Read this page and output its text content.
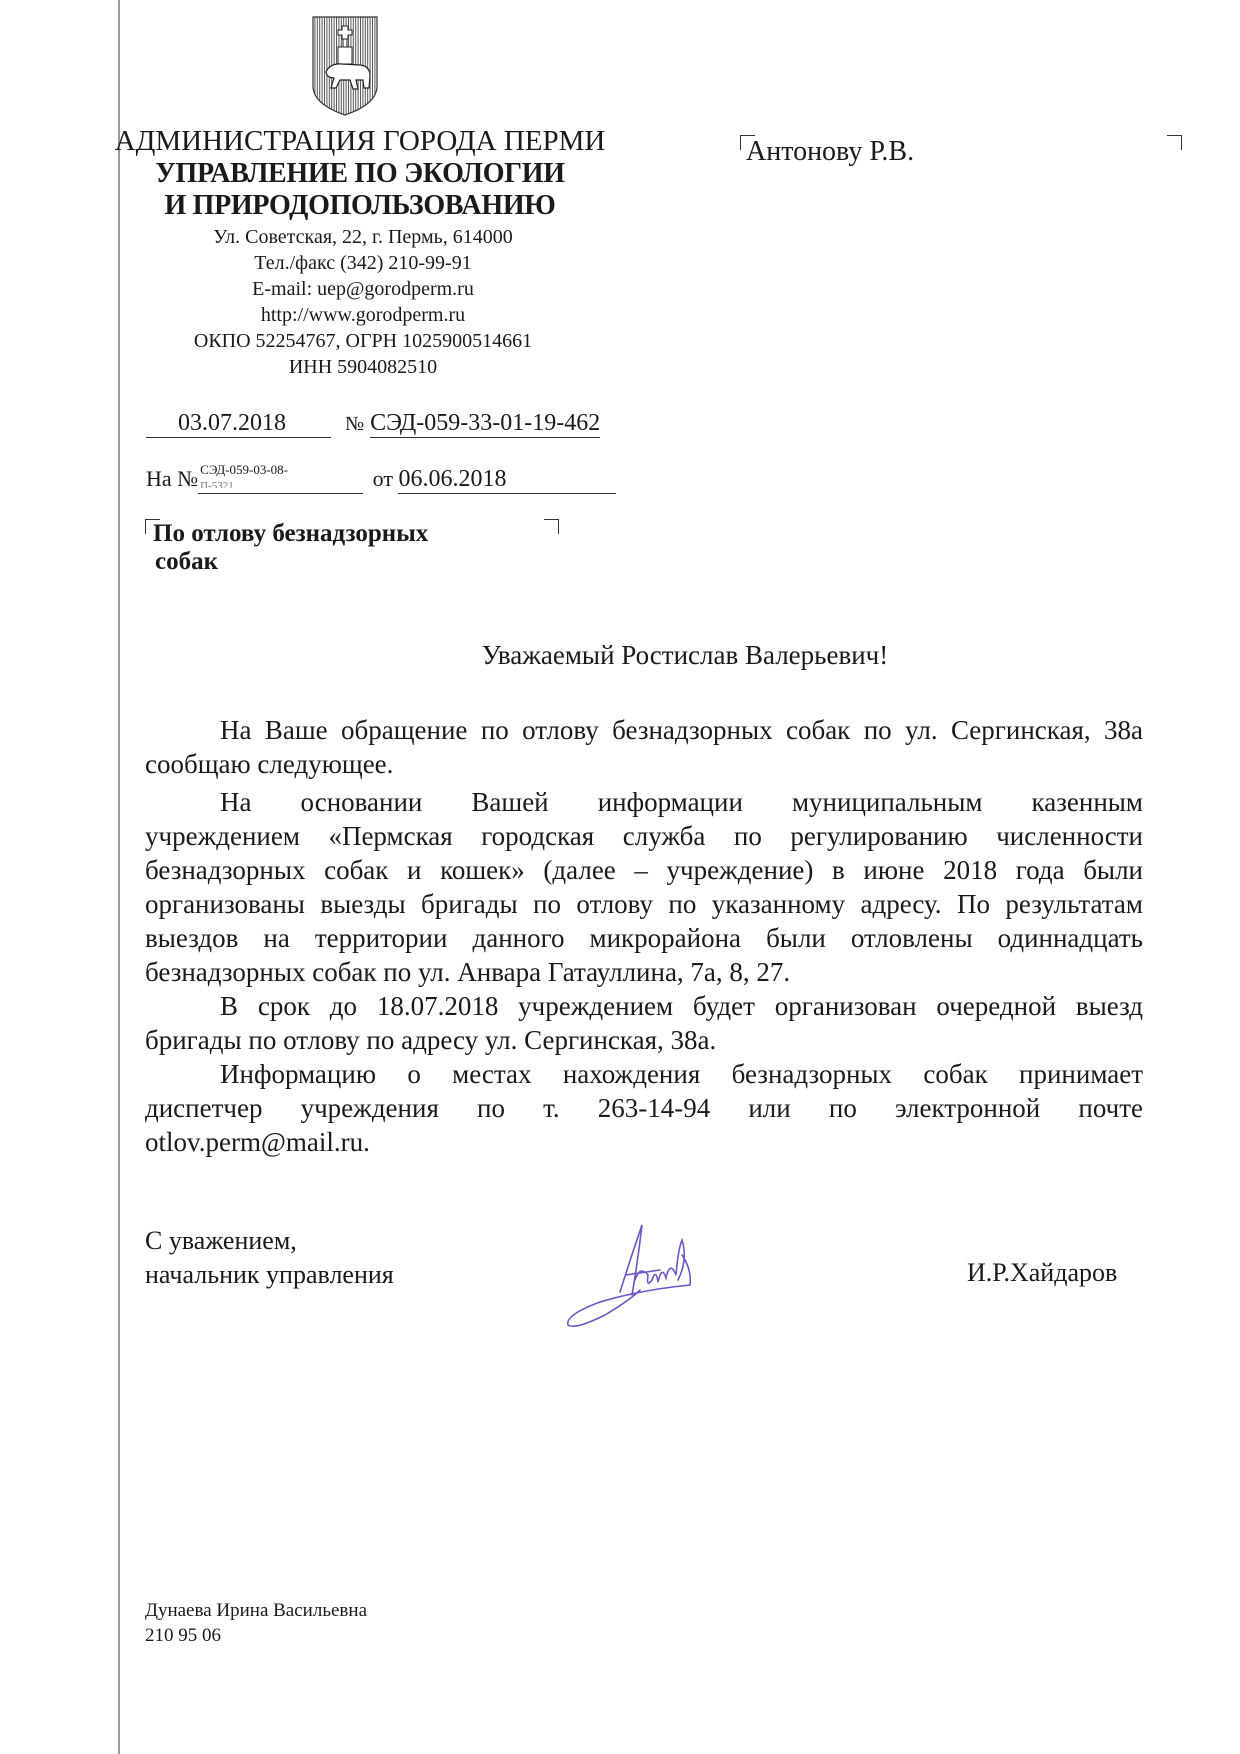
АДМИНИСТРАЦИЯ ГОРОДА ПЕРМИ
УПРАВЛЕНИЕ ПО ЭКОЛОГИИ
И ПРИРОДОПОЛЬЗОВАНИЮ
Ул. Советская, 22, г. Пермь, 614000
Тел./факс (342) 210-99-91
E-mail: uep@gorodperm.ru
http://www.gorodperm.ru
ОКПО 52254767, ОГРН 1025900514661
ИНН 5904082510
03.07.2018	№ СЭД-059-33-01-19-462
На № СЭД-059-03-08-
П-5321	от 06.06.2018
По отлову безнадзорных
собак
Антонову Р.В.
Уважаемый Ростислав Валерьевич!
На Ваше обращение по отлову безнадзорных собак по ул. Сергинская, 38а
сообщаю следующее.
На основании Вашей информации муниципальным казенным
учреждением «Пермская городская служба по регулированию численности
безнадзорных собак и кошек» (далее – учреждение) в июне 2018 года были
организованы выезды бригады по отлову по указанному адресу. По результатам
выездов на территории данного микрорайона были отловлены одиннадцать
безнадзорных собак по ул. Анвара Гатауллина, 7а, 8, 27.
В срок до 18.07.2018 учреждением будет организован очередной выезд
бригады по отлову по адресу ул. Сергинская, 38а.
Информацию о местах нахождения безнадзорных собак принимает
диспетчер учреждения по т. 263-14-94 или по электронной почте
otlov.perm@mail.ru.
С уважением,
начальник управления	И.Р.Хайдаров
Дунаева Ирина Васильевна
210 95 06
